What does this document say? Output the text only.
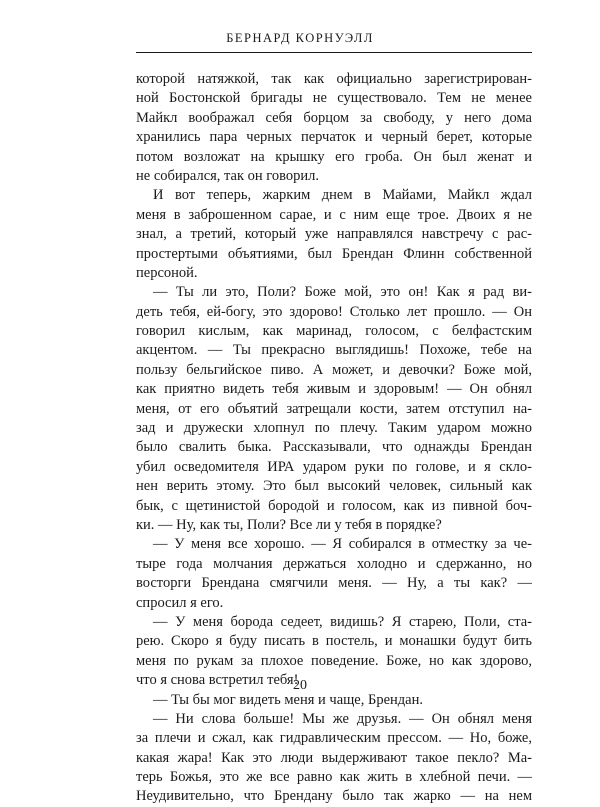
БЕРНАРД КОРНУЭЛЛ
которой натяжкой, так как официально зарегистрирован-
ной Бостонской бригады не существовало. Тем не менее
Майкл воображал себя борцом за свободу, у него дома
хранились пара черных перчаток и черный берет, которые
потом возложат на крышку его гроба. Он был женат и
не собирался, так он говорил.
И вот теперь, жарким днем в Майами, Майкл ждал
меня в заброшенном сарае, и с ним еще трое. Двоих я не
знал, а третий, который уже направлялся навстречу с рас-
простертыми объятиями, был Брендан Флинн собственной
персоной.
— Ты ли это, Поли? Боже мой, это он! Как я рад ви-
деть тебя, ей-богу, это здорово! Столько лет прошло. — Он
говорил кислым, как маринад, голосом, с белфастским
акцентом. — Ты прекрасно выглядишь! Похоже, тебе на
пользу бельгийское пиво. А может, и девочки? Боже мой,
как приятно видеть тебя живым и здоровым! — Он обнял
меня, от его объятий затрещали кости, затем отступил на-
зад и дружески хлопнул по плечу. Таким ударом можно
было свалить быка. Рассказывали, что однажды Брендан
убил осведомителя ИРА ударом руки по голове, и я скло-
нен верить этому. Это был высокий человек, сильный как
бык, с щетинистой бородой и голосом, как из пивной боч-
ки. — Ну, как ты, Поли? Все ли у тебя в порядке?
— У меня все хорошо. — Я собирался в отместку за че-
тыре года молчания держаться холодно и сдержанно, но
восторги Брендана смягчили меня. — Ну, а ты как? —
спросил я его.
— У меня борода седеет, видишь? Я старею, Поли, ста-
рею. Скоро я буду писать в постель, и монашки будут бить
меня по рукам за плохое поведение. Боже, но как здорово,
что я снова встретил тебя!
— Ты бы мог видеть меня и чаще, Брендан.
— Ни слова больше! Мы же друзья. — Он обнял меня
за плечи и сжал, как гидравлическим прессом. — Но, боже,
какая жара! Как это люди выдерживают такое пекло? Ма-
терь Божья, это же все равно как жить в хлебной печи. —
Неудивительно, что Брендану было так жарко — на нем
20
